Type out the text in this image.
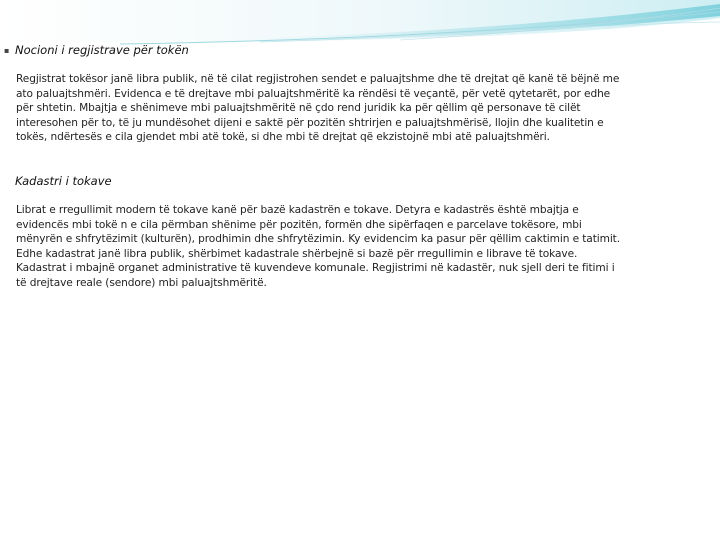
▪ Nocioni i regjistrave për tokën
Regjistrat tokësor janë libra publik, në të cilat regjistrohen sendet e paluajtshme dhe të drejtat që kanë të bëjnë me
ato paluajtshmëri. Evidenca e të drejtave mbi paluajtshmëritë ka rëndësi të veçantë, për vetë qytetarët, por edhe
për shtetin. Mbajtja e shënimeve mbi paluajtshmëritë në çdo rend juridik ka për qëllim që personave të cilët
interesohen për to, të ju mundësohet dijeni e saktë për pozitën shtrirjen e paluajtshmërisë, llojin dhe kualitetin e
tokës, ndërtesës e cila gjendet mbi atë tokë, si dhe mbi të drejtat që ekzistojnë mbi atë paluajtshmëri.
Kadastri i tokave
Librat e rregullimit modern të tokave kanë për bazë kadastrën e tokave. Detyra e kadastrës është mbajtja e
evidencës mbi tokë n e cila përmban shënime për pozitën, formën dhe sipërfaqen e parcelave tokësore, mbi
mënyrën e shfrytëzimit (kulturën), prodhimin dhe shfrytëzimin. Ky evidencim ka pasur për qëllim caktimin e tatimit.
Edhe kadastrat janë libra publik, shërbimet kadastrale shërbejnë si bazë për rregullimin e librave të tokave.
Kadastrat i mbajnë organet administrative të kuvendeve komunale. Regjistrimi në kadastër, nuk sjell deri te fitimi i
të drejtave reale (sendore) mbi paluajtshmëritë.
